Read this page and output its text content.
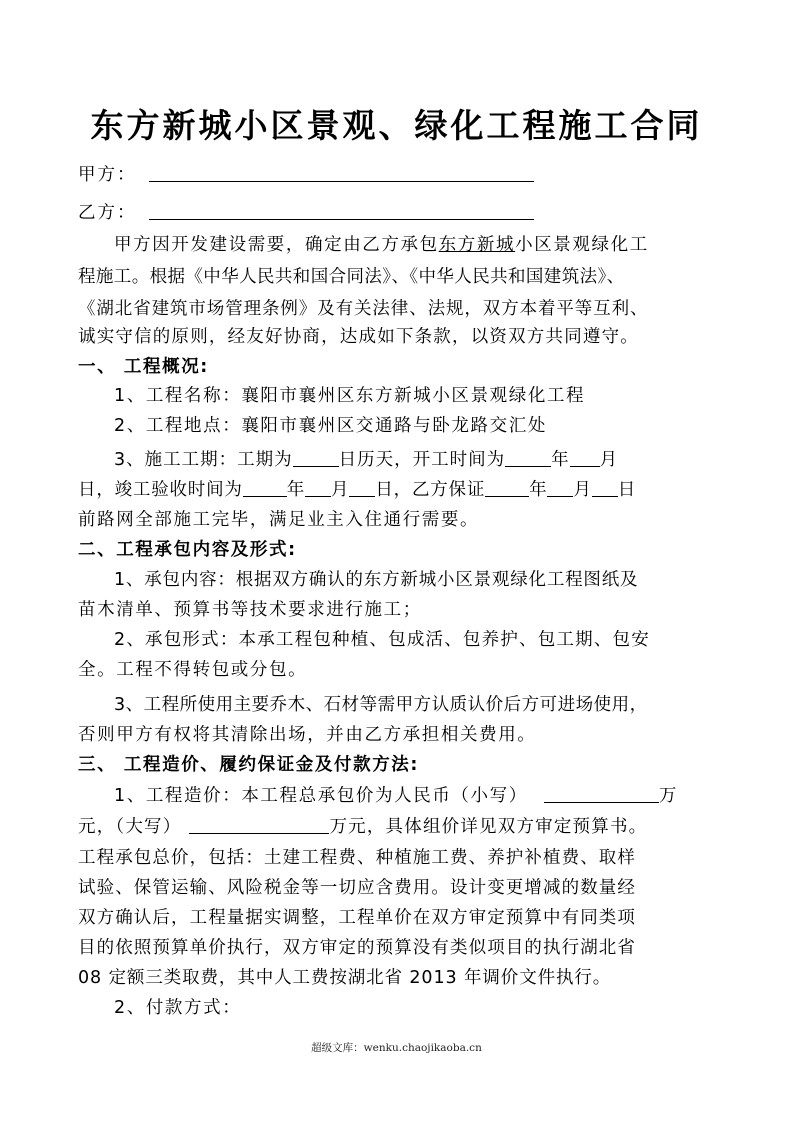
东方新城小区景观、绿化工程施工合同
甲方：
乙方：
甲方因开发建设需要，确定由乙方承包东方新城小区景观绿化工
程施工。根据《中华人民共和国合同法》、《中华人民共和国建筑法》、
《湖北省建筑市场管理条例》及有关法律、法规，双方本着平等互利、
诚实守信的原则，经友好协商，达成如下条款，以资双方共同遵守。
一、 工程概况:
1、工程名称：襄阳市襄州区东方新城小区景观绿化工程
2、工程地点：襄阳市襄州区交通路与卧龙路交汇处
3、施工工期：工期为	日历天，开工时间为	年 月
日，竣工验收时间为	年 月 日，乙方保证	年 月 日
前路网全部施工完毕，满足业主入住通行需要。
二、工程承包内容及形式:
1、承包内容：根据双方确认的东方新城小区景观绿化工程图纸及
苗木清单、预算书等技术要求进行施工；
2、承包形式：本承工程包种植、包成活、包养护、包工期、包安
全。工程不得转包或分包。
3、工程所使用主要乔木、石材等需甲方认质认价后方可进场使用，
否则甲方有权将其清除出场，并由乙方承担相关费用。
三、 工程造价、履约保证金及付款方法:
1、工程造价：本工程总承包价为人民币（小写）	万
元，（大写）	万元，具体组价详见双方审定预算书。
工程承包总价，包括：土建工程费、种植施工费、养护补植费、取样
试验、保管运输、风险税金等一切应含费用。设计变更增减的数量经
双方确认后，工程量据实调整，工程单价在双方审定预算中有同类项
目的依照预算单价执行，双方审定的预算没有类似项目的执行湖北省
08 定额三类取费，其中人工费按湖北省 2013 年调价文件执行。
2、付款方式：
超级文库：wenku.chaojikaoba.cn
